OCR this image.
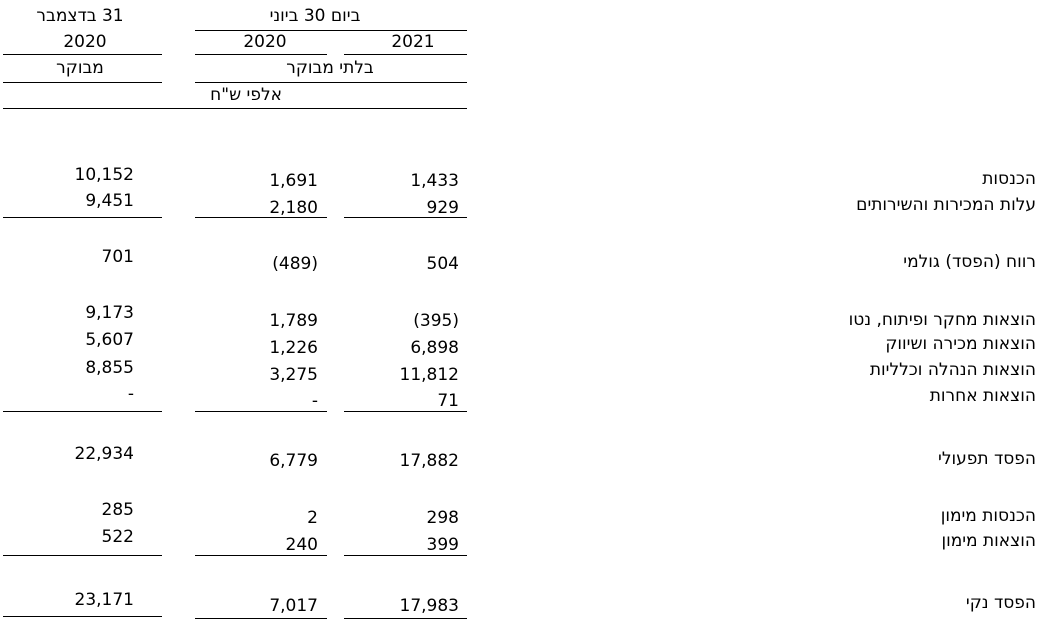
31 בדצמבר	ביום 30 ביוני
2020	2020	2021
מבוקר	בלתי מבוקר
אלפי ש"ח
10,152	1,691	1,433	הכנסות
9,451	2,180	929	עלות המכירות והשירותים
701	(489)	504	רווח (הפסד) גולמי
9,173	1,789	(395)	הוצאות מחקר ופיתוח, נטו
5,607	1,226	6,898	הוצאות מכירה ושיווק
8,855	3,275	11,812	הוצאות הנהלה וכלליות
-	-	71	הוצאות אחרות
22,934	6,779	17,882	הפסד תפעולי
285	2	298	הכנסות מימון
522	240	399	הוצאות מימון
23,171	7,017	17,983	הפסד נקי
